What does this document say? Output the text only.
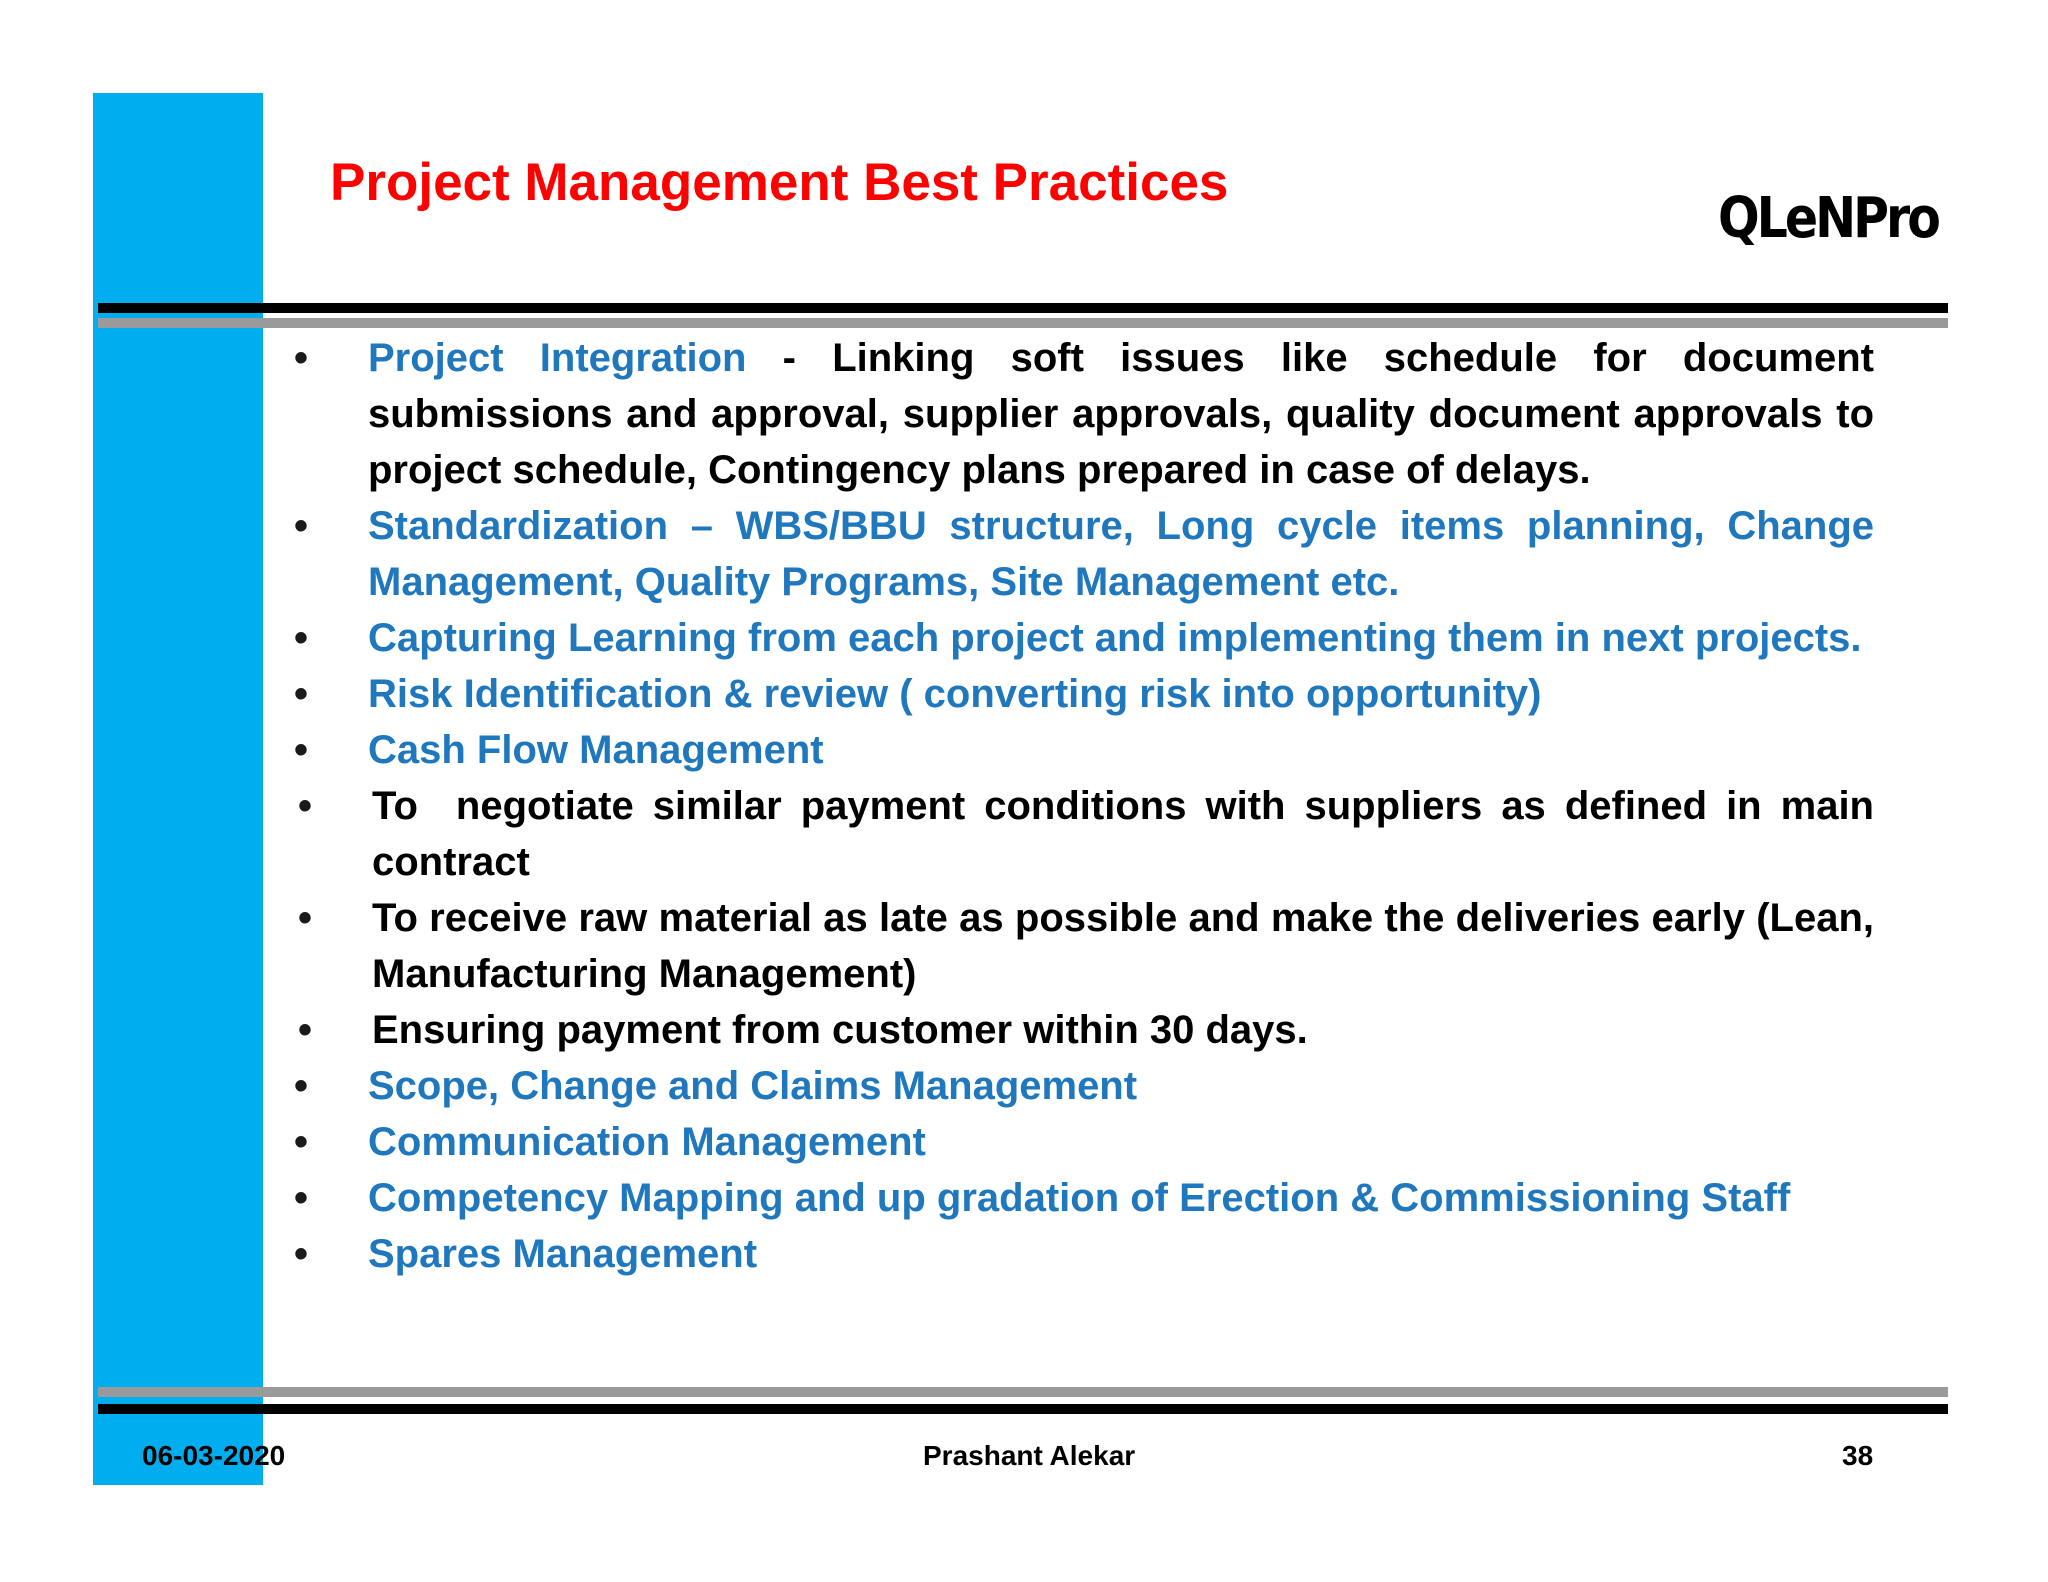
Project Management Best Practices
QLeNPro
• Project Integration - Linking soft issues like schedule for document submissions and approval, supplier approvals, quality document approvals to project schedule, Contingency plans prepared in case of delays.
• Standardization – WBS/BBU structure, Long cycle items planning, Change Management, Quality Programs, Site Management etc.
• Capturing Learning from each project and implementing them in next projects.
• Risk Identification & review ( converting risk into opportunity)
• Cash Flow Management
• To  negotiate similar payment conditions with suppliers as defined in main contract
• To receive raw material as late as possible and make the deliveries early (Lean, Manufacturing Management)
• Ensuring payment from customer within 30 days.
• Scope, Change and Claims Management
• Communication Management
• Competency Mapping and up gradation of Erection & Commissioning Staff
• Spares Management
06-03-2020	Prashant Alekar	38
